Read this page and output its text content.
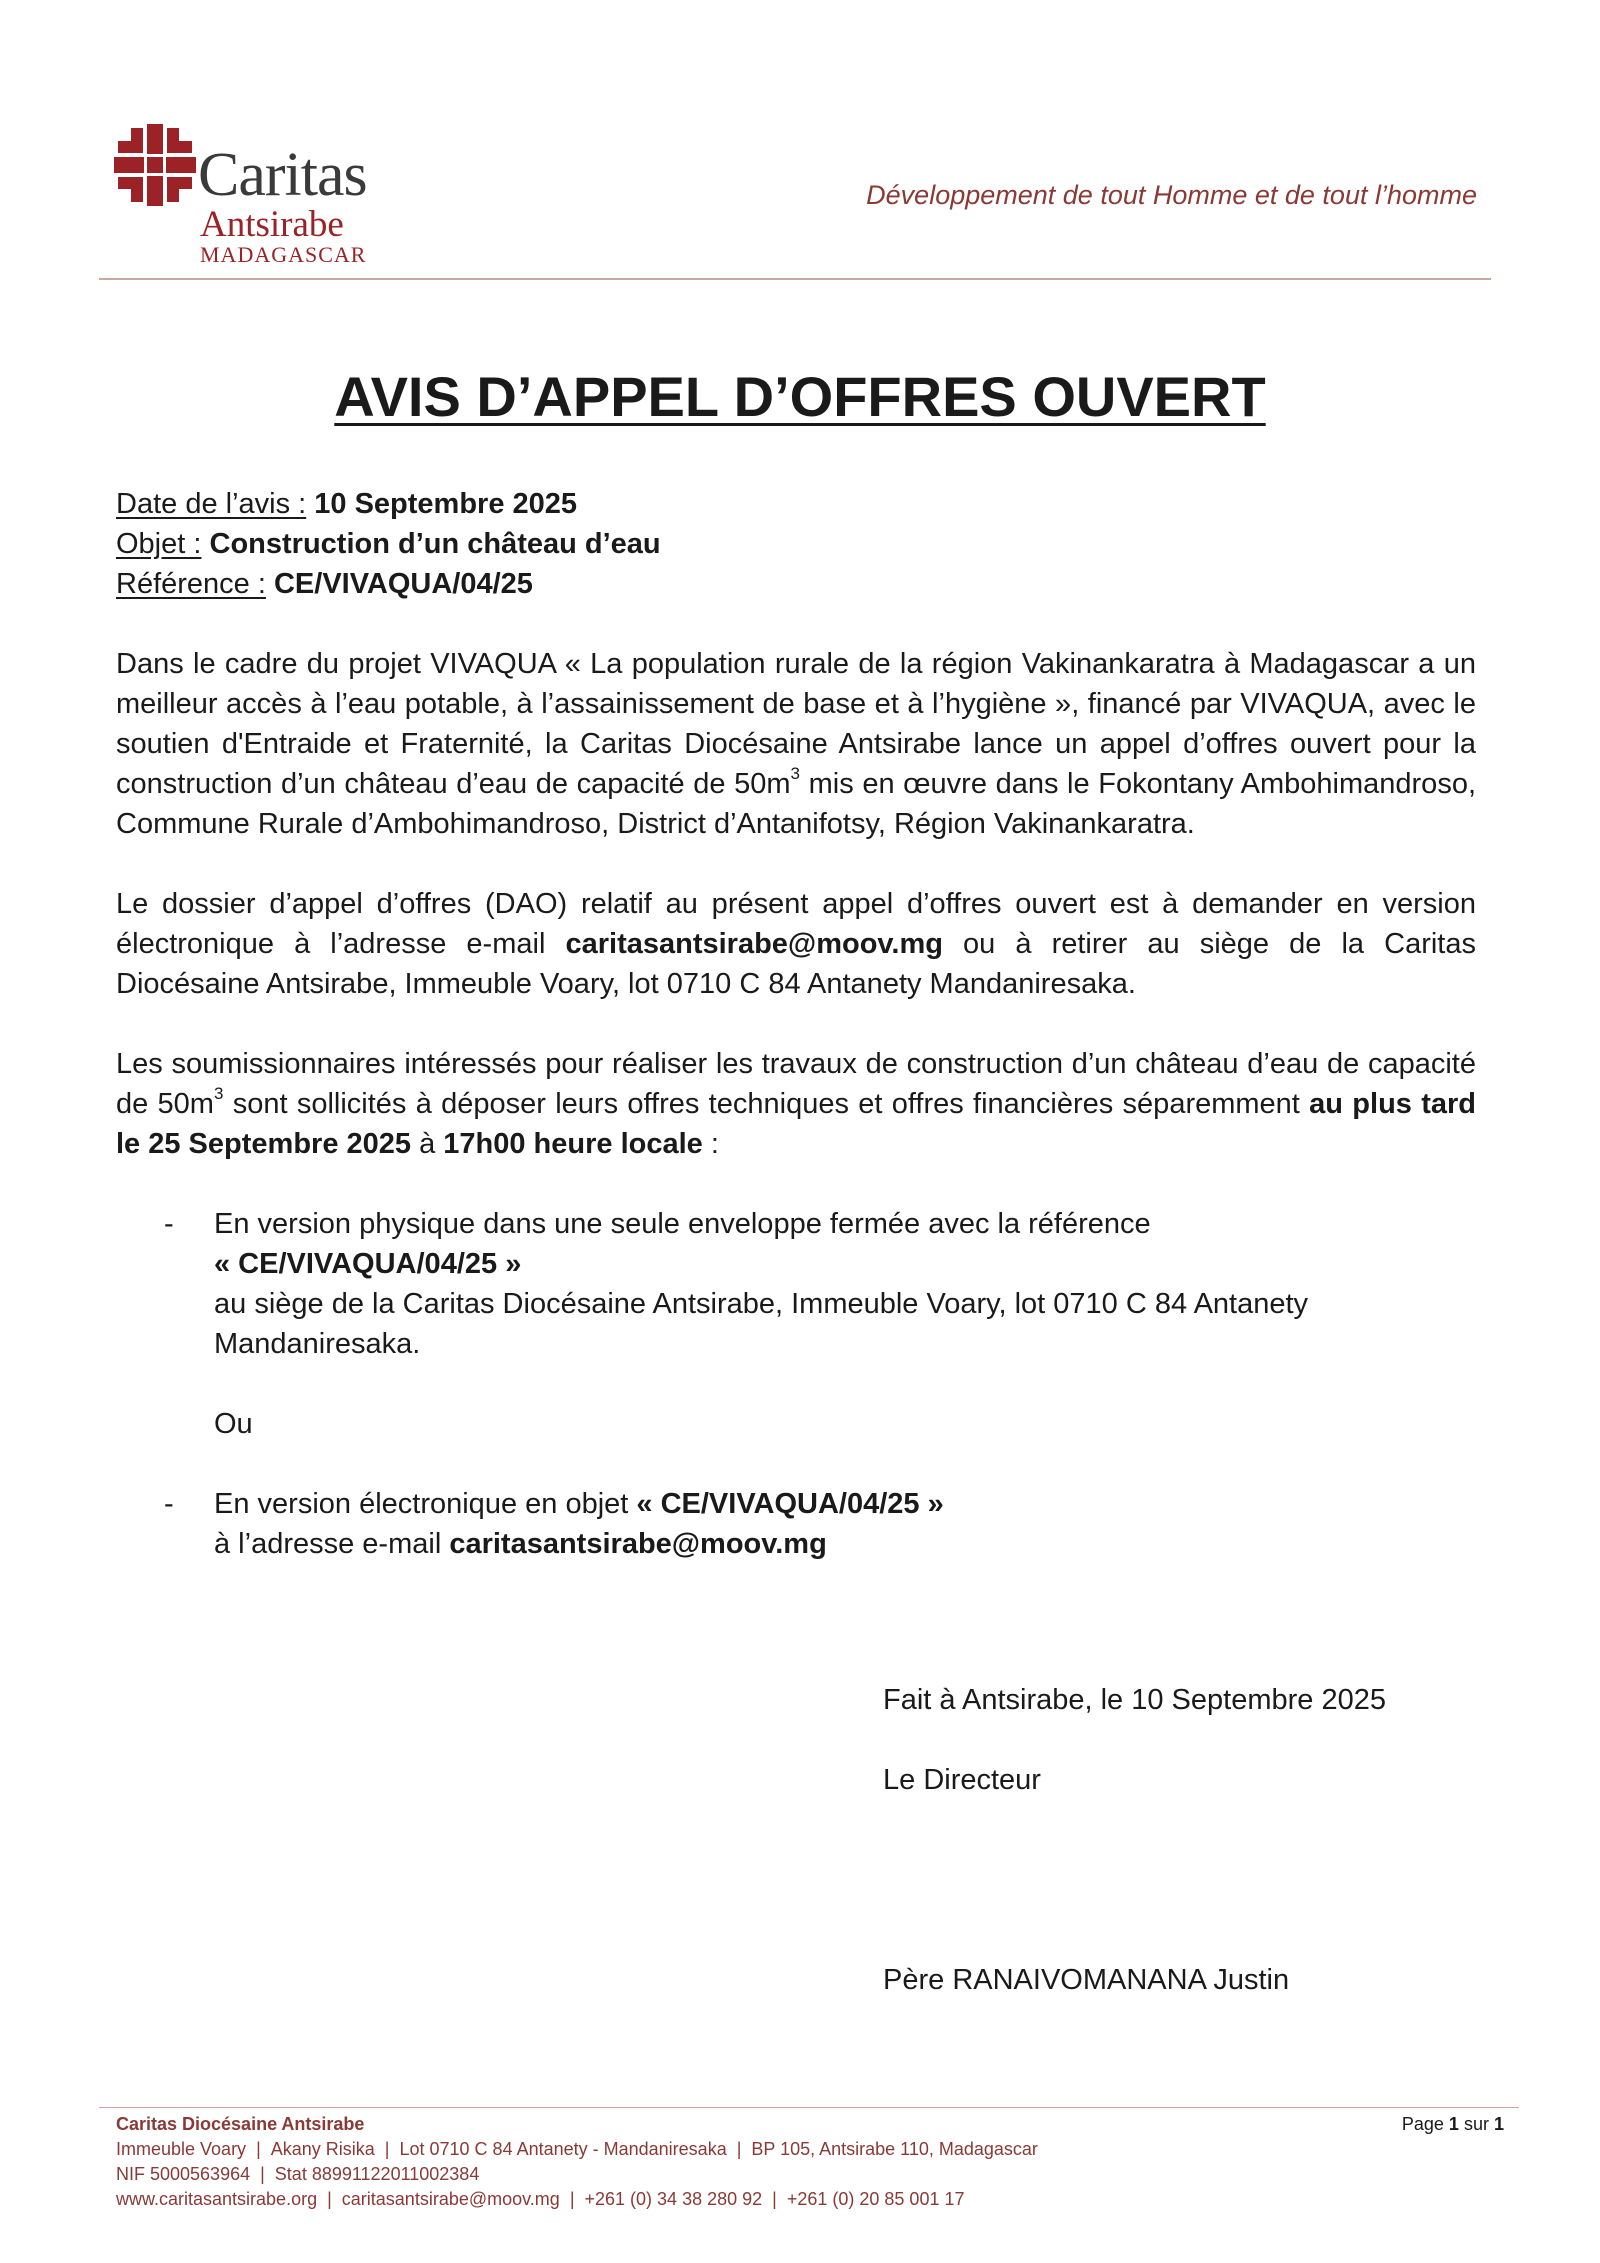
Caritas
Antsirabe
MADAGASCAR
Développement de tout Homme et de tout l’homme
AVIS D’APPEL D’OFFRES OUVERT
Date de l’avis : 10 Septembre 2025
Objet : Construction d’un château d’eau
Référence : CE/VIVAQUA/04/25

Dans le cadre du projet VIVAQUA « La population rurale de la région Vakinankaratra à Madagascar a un meilleur accès à l’eau potable, à l’assainissement de base et à l’hygiène », financé par VIVAQUA, avec le soutien d'Entraide et Fraternité, la Caritas Diocésaine Antsirabe lance un appel d’offres ouvert pour la construction d’un château d’eau de capacité de $50m^3$ mis en œuvre dans le Fokontany Ambohimandroso, Commune Rurale d’Ambohimandroso, District d’Antanifotsy, Région Vakinankaratra.

Le dossier d’appel d’offres (DAO) relatif au présent appel d’offres ouvert est à demander en version électronique à l’adresse e-mail caritasantsirabe@moov.mg ou à retirer au siège de la Caritas Diocésaine Antsirabe, Immeuble Voary, lot 0710 C 84 Antanety Mandaniresaka.

Les soumissionnaires intéressés pour réaliser les travaux de construction d’un château d’eau de capacité de $50m^3$ sont sollicités à déposer leurs offres techniques et offres financières séparemment au plus tard le 25 Septembre 2025 à 17h00 heure locale :

- En version physique dans une seule enveloppe fermée avec la référence
« CE/VIVAQUA/04/25 »
au siège de la Caritas Diocésaine Antsirabe, Immeuble Voary, lot 0710 C 84 Antanety Mandaniresaka.
Ou
- En version électronique en objet « CE/VIVAQUA/04/25 »
à l’adresse e-mail caritasantsirabe@moov.mg
Fait à Antsirabe, le 10 Septembre 2025
Le Directeur
Père RANAIVOMANANA Justin
Caritas Diocésaine Antsirabe
Immeuble Voary | Akany Risika | Lot 0710 C 84 Antanety - Mandaniresaka | BP 105, Antsirabe 110, Madagascar
NIF 5000563964 | Stat 88991122011002384
www.caritasantsirabe.org | caritasantsirabe@moov.mg | +261 (0) 34 38 280 92 | +261 (0) 20 85 001 17
Page 1 sur 1
